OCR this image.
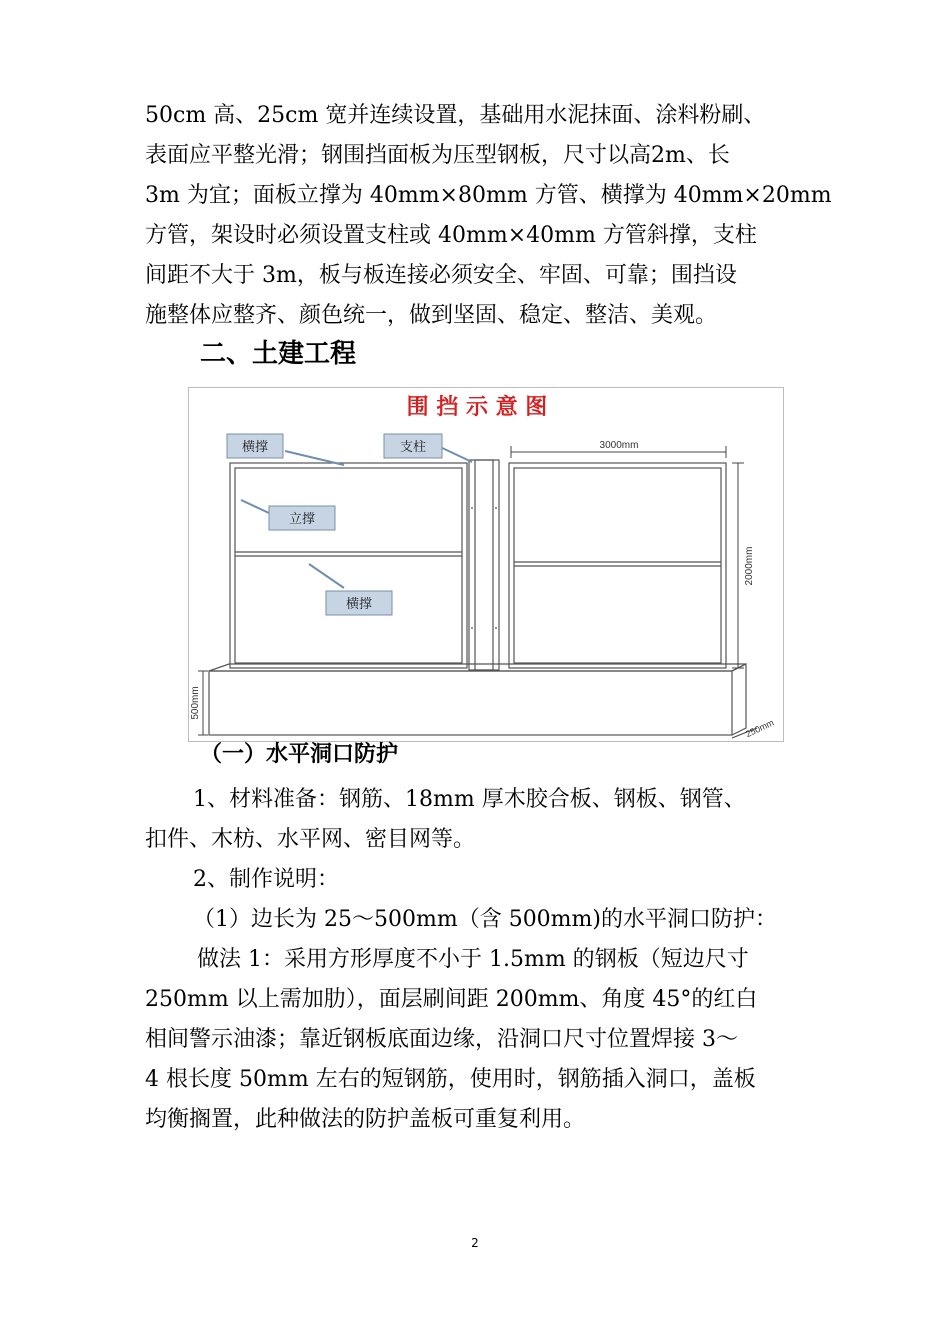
50cm 高、25cm 宽并连续设置，基础用水泥抹面、涂料粉刷、
表面应平整光滑；钢围挡面板为压型钢板，尺寸以高2m、长
3m 为宜；面板立撑为 40mm×80mm 方管、横撑为 40mm×20mm
方管，架设时必须设置支柱或 40mm×40mm 方管斜撑，支柱
间距不大于 3m，板与板连接必须安全、牢固、可靠；围挡设
施整体应整齐、颜色统一，做到坚固、稳定、整洁、美观。
二、土建工程
围 挡 示 意 图
3000mm
2000mm
500mm
250mm
横撑	支柱
立撑
横撑
（一）水平洞口防护
1、材料准备：钢筋、18mm 厚木胶合板、钢板、钢管、
扣件、木枋、水平网、密目网等。
2、制作说明：
（1）边长为 25～500mm（含 500mm)的水平洞口防护：
做法 1：采用方形厚度不小于 1.5mm 的钢板（短边尺寸
250mm 以上需加肋），面层刷间距 200mm、角度 45°的红白
相间警示油漆；靠近钢板底面边缘，沿洞口尺寸位置焊接 3～
4 根长度 50mm 左右的短钢筋，使用时，钢筋插入洞口，盖板
均衡搁置，此种做法的防护盖板可重复利用。
2
